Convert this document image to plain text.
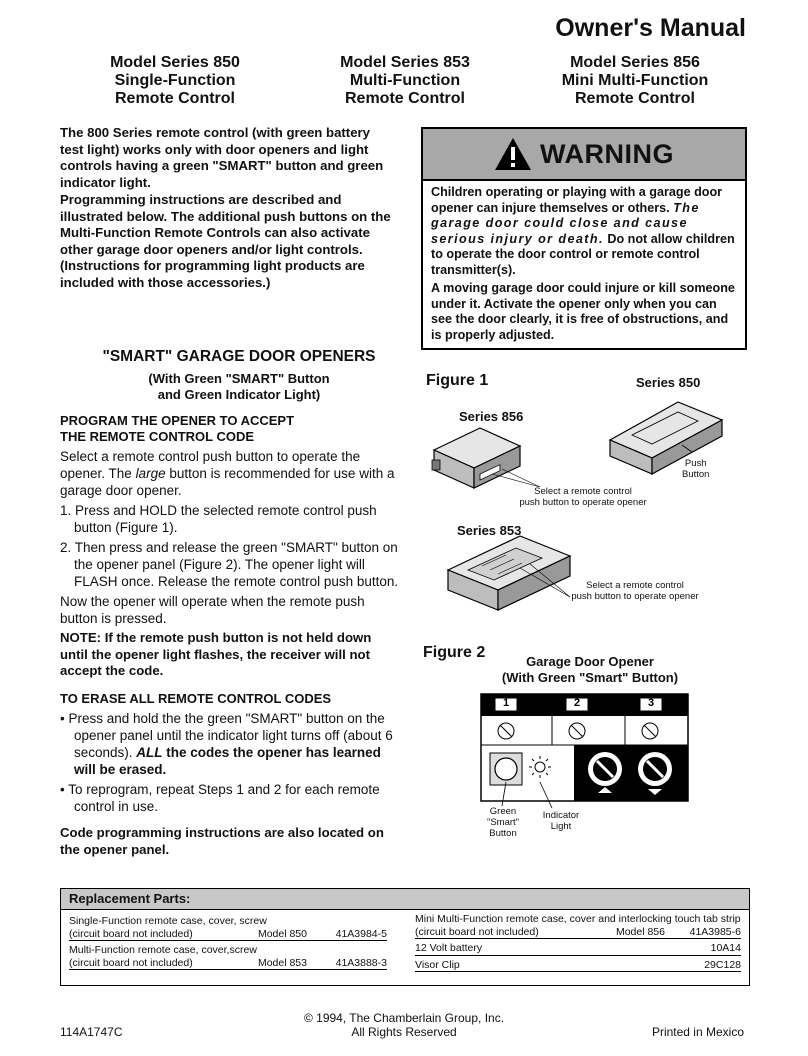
Owner's Manual
Model Series 850
Single-Function
Remote Control
Model Series 853
Multi-Function
Remote Control
Model Series 856
Mini Multi-Function
Remote Control
The 800 Series remote control (with green battery test light) works only with door openers and light controls having a green "SMART" button and green indicator light.
Programming instructions are described and illustrated below. The additional push buttons on the Multi-Function Remote Controls can also activate other garage door openers and/or light controls. (Instructions for programming light products are included with those accessories.)
WARNING

Children operating or playing with a garage door opener can injure themselves or others. The garage door could close and cause serious injury or death. Do not allow children to operate the door control or remote control transmitter(s).

A moving garage door could injure or kill someone under it. Activate the opener only when you can see the door clearly, it is free of obstructions, and is properly adjusted.

"SMART" GARAGE DOOR OPENERS
(With Green "SMART" Button
and Green Indicator Light)
PROGRAM THE OPENER TO ACCEPT
THE REMOTE CONTROL CODE
Select a remote control push button to operate the opener. The large button is recommended for use with a garage door opener.
1. Press and HOLD the selected remote control push button (Figure 1).
2. Then press and release the green "SMART" button on the opener panel (Figure 2). The opener light will FLASH once. Release the remote control push button.
Now the opener will operate when the remote push button is pressed.
NOTE: If the remote push button is not held down until the opener light flashes, the receiver will not accept the code.
TO ERASE ALL REMOTE CONTROL CODES
• Press and hold the the green "SMART" button on the opener panel until the indicator light turns off (about 6 seconds). ALL the codes the opener has learned will be erased.
• To reprogram, repeat Steps 1 and 2 for each remote control in use.
Code programming instructions are also located on the opener panel.
Figure 1	Series 850
Series 856
Series 853
Push
Button
Select a remote control
push button to operate opener
Select a remote control
push button to operate opener
Figure 2
Garage Door Opener
(With Green "Smart" Button)
1	2	3
Green
"Smart"
Button
Indicator
Light
Replacement Parts:
Single-Function remote case, cover, screw
(circuit board not included)	Model 850	41A3984-5
Multi-Function remote case, cover,screw
(circuit board not included)	Model 853	41A3888-3
Mini Multi-Function remote case, cover and interlocking touch tab strip
(circuit board not included)	Model 856 41A3985-6
12 Volt battery	10A14
Visor Clip	29C128
© 1994, The Chamberlain Group, Inc.
All Rights Reserved
114A1747C	Printed in Mexico
